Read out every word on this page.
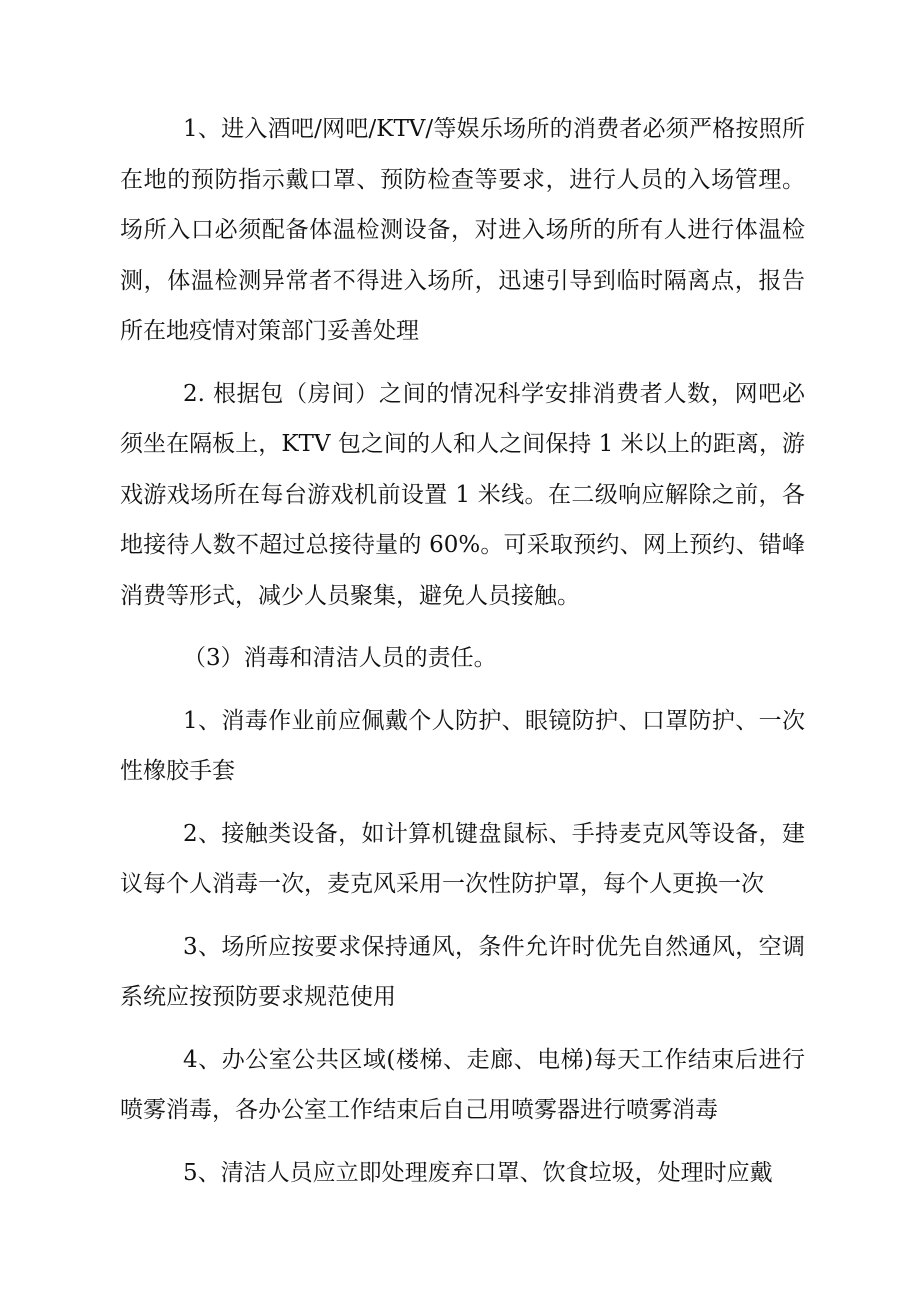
1、进入酒吧/网吧/KTV/等娱乐场所的消费者必须严格按照所在地的预防指示戴口罩、预防检查等要求，进行人员的入场管理。场所入口必须配备体温检测设备，对进入场所的所有人进行体温检测，体温检测异常者不得进入场所，迅速引导到临时隔离点，报告所在地疫情对策部门妥善处理

2. 根据包（房间）之间的情况科学安排消费者人数，网吧必须坐在隔板上，KTV 包之间的人和人之间保持 1 米以上的距离，游戏游戏场所在每台游戏机前设置 1 米线。在二级响应解除之前，各地接待人数不超过总接待量的 60%。可采取预约、网上预约、错峰消费等形式，减少人员聚集，避免人员接触。

（3）消毒和清洁人员的责任。

1、消毒作业前应佩戴个人防护、眼镜防护、口罩防护、一次性橡胶手套

2、接触类设备，如计算机键盘鼠标、手持麦克风等设备，建议每个人消毒一次，麦克风采用一次性防护罩，每个人更换一次

3、场所应按要求保持通风，条件允许时优先自然通风，空调系统应按预防要求规范使用

4、办公室公共区域(楼梯、走廊、电梯)每天工作结束后进行喷雾消毒，各办公室工作结束后自己用喷雾器进行喷雾消毒

5、清洁人员应立即处理废弃口罩、饮食垃圾，处理时应戴
